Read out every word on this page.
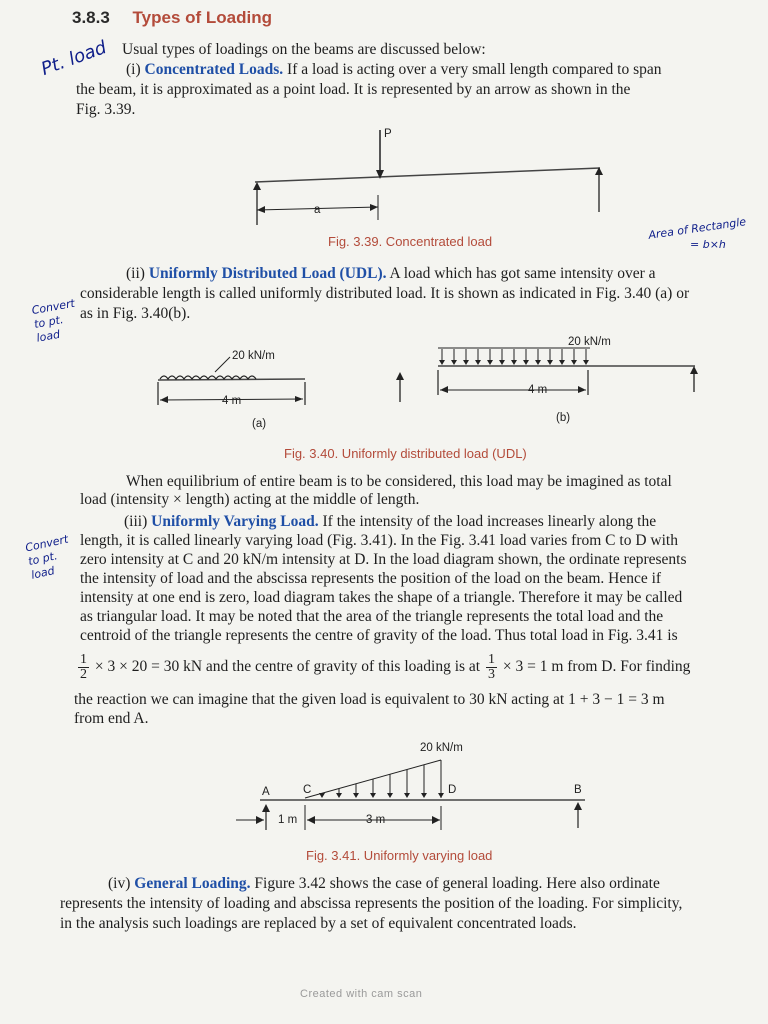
3.8.3 Types of Loading
Usual types of loadings on the beams are discussed below:
(i) Concentrated Loads. If a load is acting over a very small length compared to span
the beam, it is approximated as a point load. It is represented by an arrow as shown in the
Fig. 3.39.
P
a
Fig. 3.39. Concentrated load
(ii) Uniformly Distributed Load (UDL). A load which has got same intensity over a
considerable length is called uniformly distributed load. It is shown as indicated in Fig. 3.40 (a) or
as in Fig. 3.40(b).
20 kN/m
4 m
(a)
20 kN/m
4 m
(b)
Fig. 3.40. Uniformly distributed load (UDL)
When equilibrium of entire beam is to be considered, this load may be imagined as total
load (intensity × length) acting at the middle of length.
(iii) Uniformly Varying Load. If the intensity of the load increases linearly along the
length, it is called linearly varying load (Fig. 3.41). In the Fig. 3.41 load varies from C to D with
zero intensity at C and 20 kN/m intensity at D. In the load diagram shown, the ordinate represents
the intensity of load and the abscissa represents the position of the load on the beam. Hence if
intensity at one end is zero, load diagram takes the shape of a triangle. Therefore it may be called
as triangular load. It may be noted that the area of the triangle represents the total load and the
centroid of the triangle represents the centre of gravity of the load. Thus total load in Fig. 3.41 is
$\frac{1}{2} \times 3 \times 20 = 30$ kN and the centre of gravity of this loading is at $\frac{1}{3} \times 3 = 1$ m from D. For finding
the reaction we can imagine that the given load is equivalent to 30 kN acting at 1 + 3 − 1 = 3 m
from end A.
20 kN/m
A	C	D	B
1 m	3 m
Fig. 3.41. Uniformly varying load
(iv) General Loading. Figure 3.42 shows the case of general loading. Here also ordinate
represents the intensity of loading and abscissa represents the position of the loading. For simplicity,
in the analysis such loadings are replaced by a set of equivalent concentrated loads.
Pt. load
Area of Rectangle
= b×h
Convert to pt. load
Convert to pt. load
Created with cam scan
